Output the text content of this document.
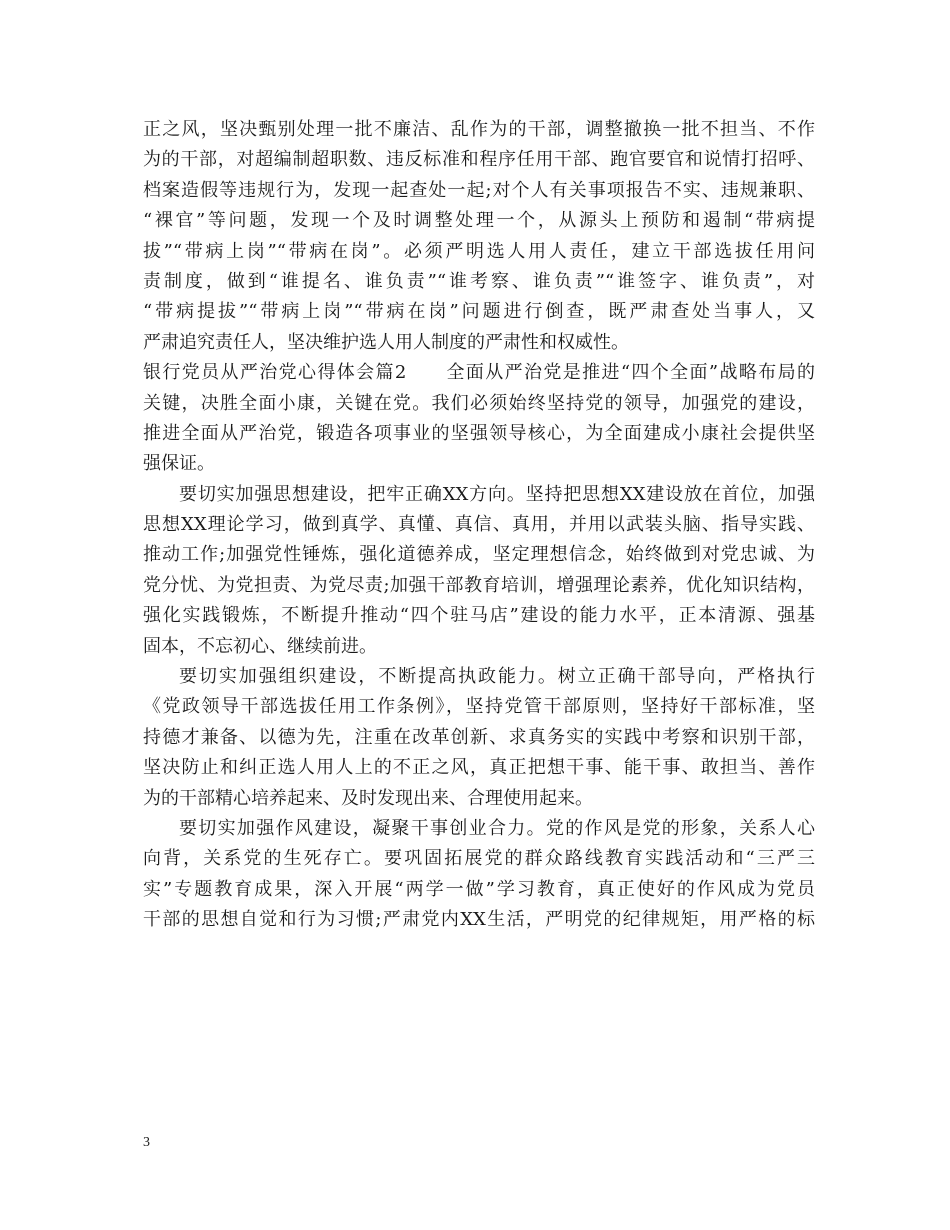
正之风，坚决甄别处理一批不廉洁、乱作为的干部，调整撤换一批不担当、不作
为的干部，对超编制超职数、违反标准和程序任用干部、跑官要官和说情打招呼、
档案造假等违规行为，发现一起查处一起;对个人有关事项报告不实、违规兼职、
“裸官”等问题，发现一个及时调整处理一个，从源头上预防和遏制“带病提
拔”“带病上岗”“带病在岗”。必须严明选人用人责任，建立干部选拔任用问
责制度，做到“谁提名、谁负责”“谁考察、谁负责”“谁签字、谁负责”，对
“带病提拔”“带病上岗”“带病在岗”问题进行倒查，既严肃查处当事人，又
严肃追究责任人，坚决维护选人用人制度的严肃性和权威性。
银行党员从严治党心得体会篇2　　全面从严治党是推进“四个全面”战略布局的
关键，决胜全面小康，关键在党。我们必须始终坚持党的领导，加强党的建设，
推进全面从严治党，锻造各项事业的坚强领导核心，为全面建成小康社会提供坚
强保证。
要切实加强思想建设，把牢正确XX方向。坚持把思想XX建设放在首位，加强
思想XX理论学习，做到真学、真懂、真信、真用，并用以武装头脑、指导实践、
推动工作;加强党性锤炼，强化道德养成，坚定理想信念，始终做到对党忠诚、为
党分忧、为党担责、为党尽责;加强干部教育培训，增强理论素养，优化知识结构，
强化实践锻炼，不断提升推动“四个驻马店”建设的能力水平，正本清源、强基
固本，不忘初心、继续前进。
要切实加强组织建设，不断提高执政能力。树立正确干部导向，严格执行
《党政领导干部选拔任用工作条例》，坚持党管干部原则，坚持好干部标准，坚
持德才兼备、以德为先，注重在改革创新、求真务实的实践中考察和识别干部，
坚决防止和纠正选人用人上的不正之风，真正把想干事、能干事、敢担当、善作
为的干部精心培养起来、及时发现出来、合理使用起来。
要切实加强作风建设，凝聚干事创业合力。党的作风是党的形象，关系人心
向背，关系党的生死存亡。要巩固拓展党的群众路线教育实践活动和“三严三
实”专题教育成果，深入开展“两学一做”学习教育，真正使好的作风成为党员
干部的思想自觉和行为习惯;严肃党内XX生活，严明党的纪律规矩，用严格的标
3
